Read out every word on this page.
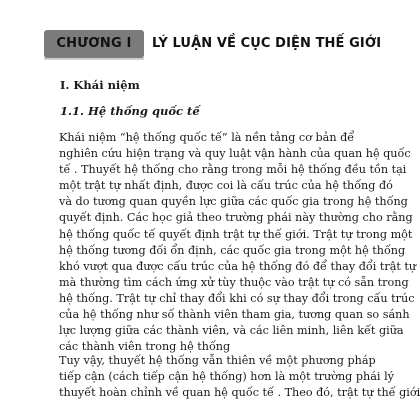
CHƯƠNG I	LÝ LUẬN VỀ CỤC DIỆN THẾ GIỚI
I. Khái niệm
1.1. Hệ thống quốc tế
Khái niệm “hệ thống quốc tế” là nền tảng cơ bản để
nghiên cứu hiện trạng và quy luật vận hành của quan hệ quốc
tế . Thuyết hệ thống cho rằng trong mỗi hệ thống đều tồn tại
một trật tự nhất định, được coi là cấu trúc của hệ thống đó
và do tương quan quyền lực giữa các quốc gia trong hệ thống
quyết định. Các học giả theo trường phái này thường cho rằng
hệ thống quốc tế quyết định trật tự thế giới. Trật tự trong một
hệ thống tương đối ổn định, các quốc gia trong một hệ thống
khó vượt qua được cấu trúc của hệ thống đó để thay đổi trật tự
mà thường tìm cách ứng xử tùy thuộc vào trật tự có sẵn trong
hệ thống. Trật tự chỉ thay đổi khi có sự thay đổi trong cấu trúc
của hệ thống như số thành viên tham gia, tương quan so sánh
lực lượng giữa các thành viên, và các liên minh, liên kết giữa
các thành viên trong hệ thống
Tuy vậy, thuyết hệ thống vẫn thiên về một phương pháp
tiếp cận (cách tiếp cận hệ thống) hơn là một trường phái lý
thuyết hoàn chỉnh về quan hệ quốc tế . Theo đó, trật tự thế giới
